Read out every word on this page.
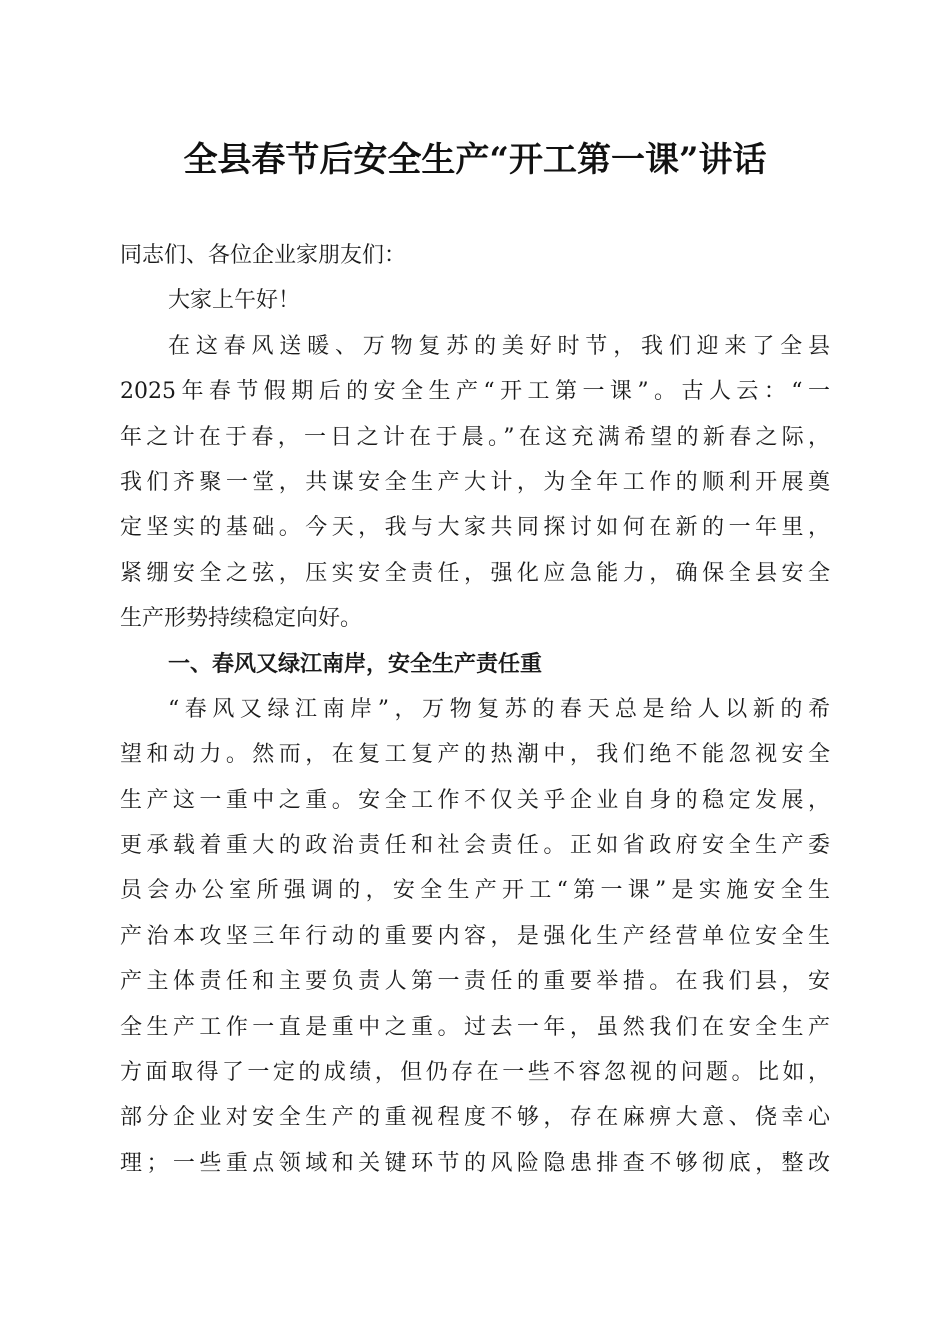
全县春节后安全生产“开工第一课”讲话
同志们、各位企业家朋友们：
大家上午好！
在这春风送暖、万物复苏的美好时节，我们迎来了全县
2025年春节假期后的安全生产“开工第一课”。古人云：“一
年之计在于春，一日之计在于晨。”在这充满希望的新春之际，
我们齐聚一堂，共谋安全生产大计，为全年工作的顺利开展奠
定坚实的基础。今天，我与大家共同探讨如何在新的一年里，
紧绷安全之弦，压实安全责任，强化应急能力，确保全县安全
生产形势持续稳定向好。
一、春风又绿江南岸，安全生产责任重
“春风又绿江南岸”，万物复苏的春天总是给人以新的希
望和动力。然而，在复工复产的热潮中，我们绝不能忽视安全
生产这一重中之重。安全工作不仅关乎企业自身的稳定发展，
更承载着重大的政治责任和社会责任。正如省政府安全生产委
员会办公室所强调的，安全生产开工“第一课”是实施安全生
产治本攻坚三年行动的重要内容，是强化生产经营单位安全生
产主体责任和主要负责人第一责任的重要举措。在我们县，安
全生产工作一直是重中之重。过去一年，虽然我们在安全生产
方面取得了一定的成绩，但仍存在一些不容忽视的问题。比如，
部分企业对安全生产的重视程度不够，存在麻痹大意、侥幸心
理；一些重点领域和关键环节的风险隐患排查不够彻底，整改
